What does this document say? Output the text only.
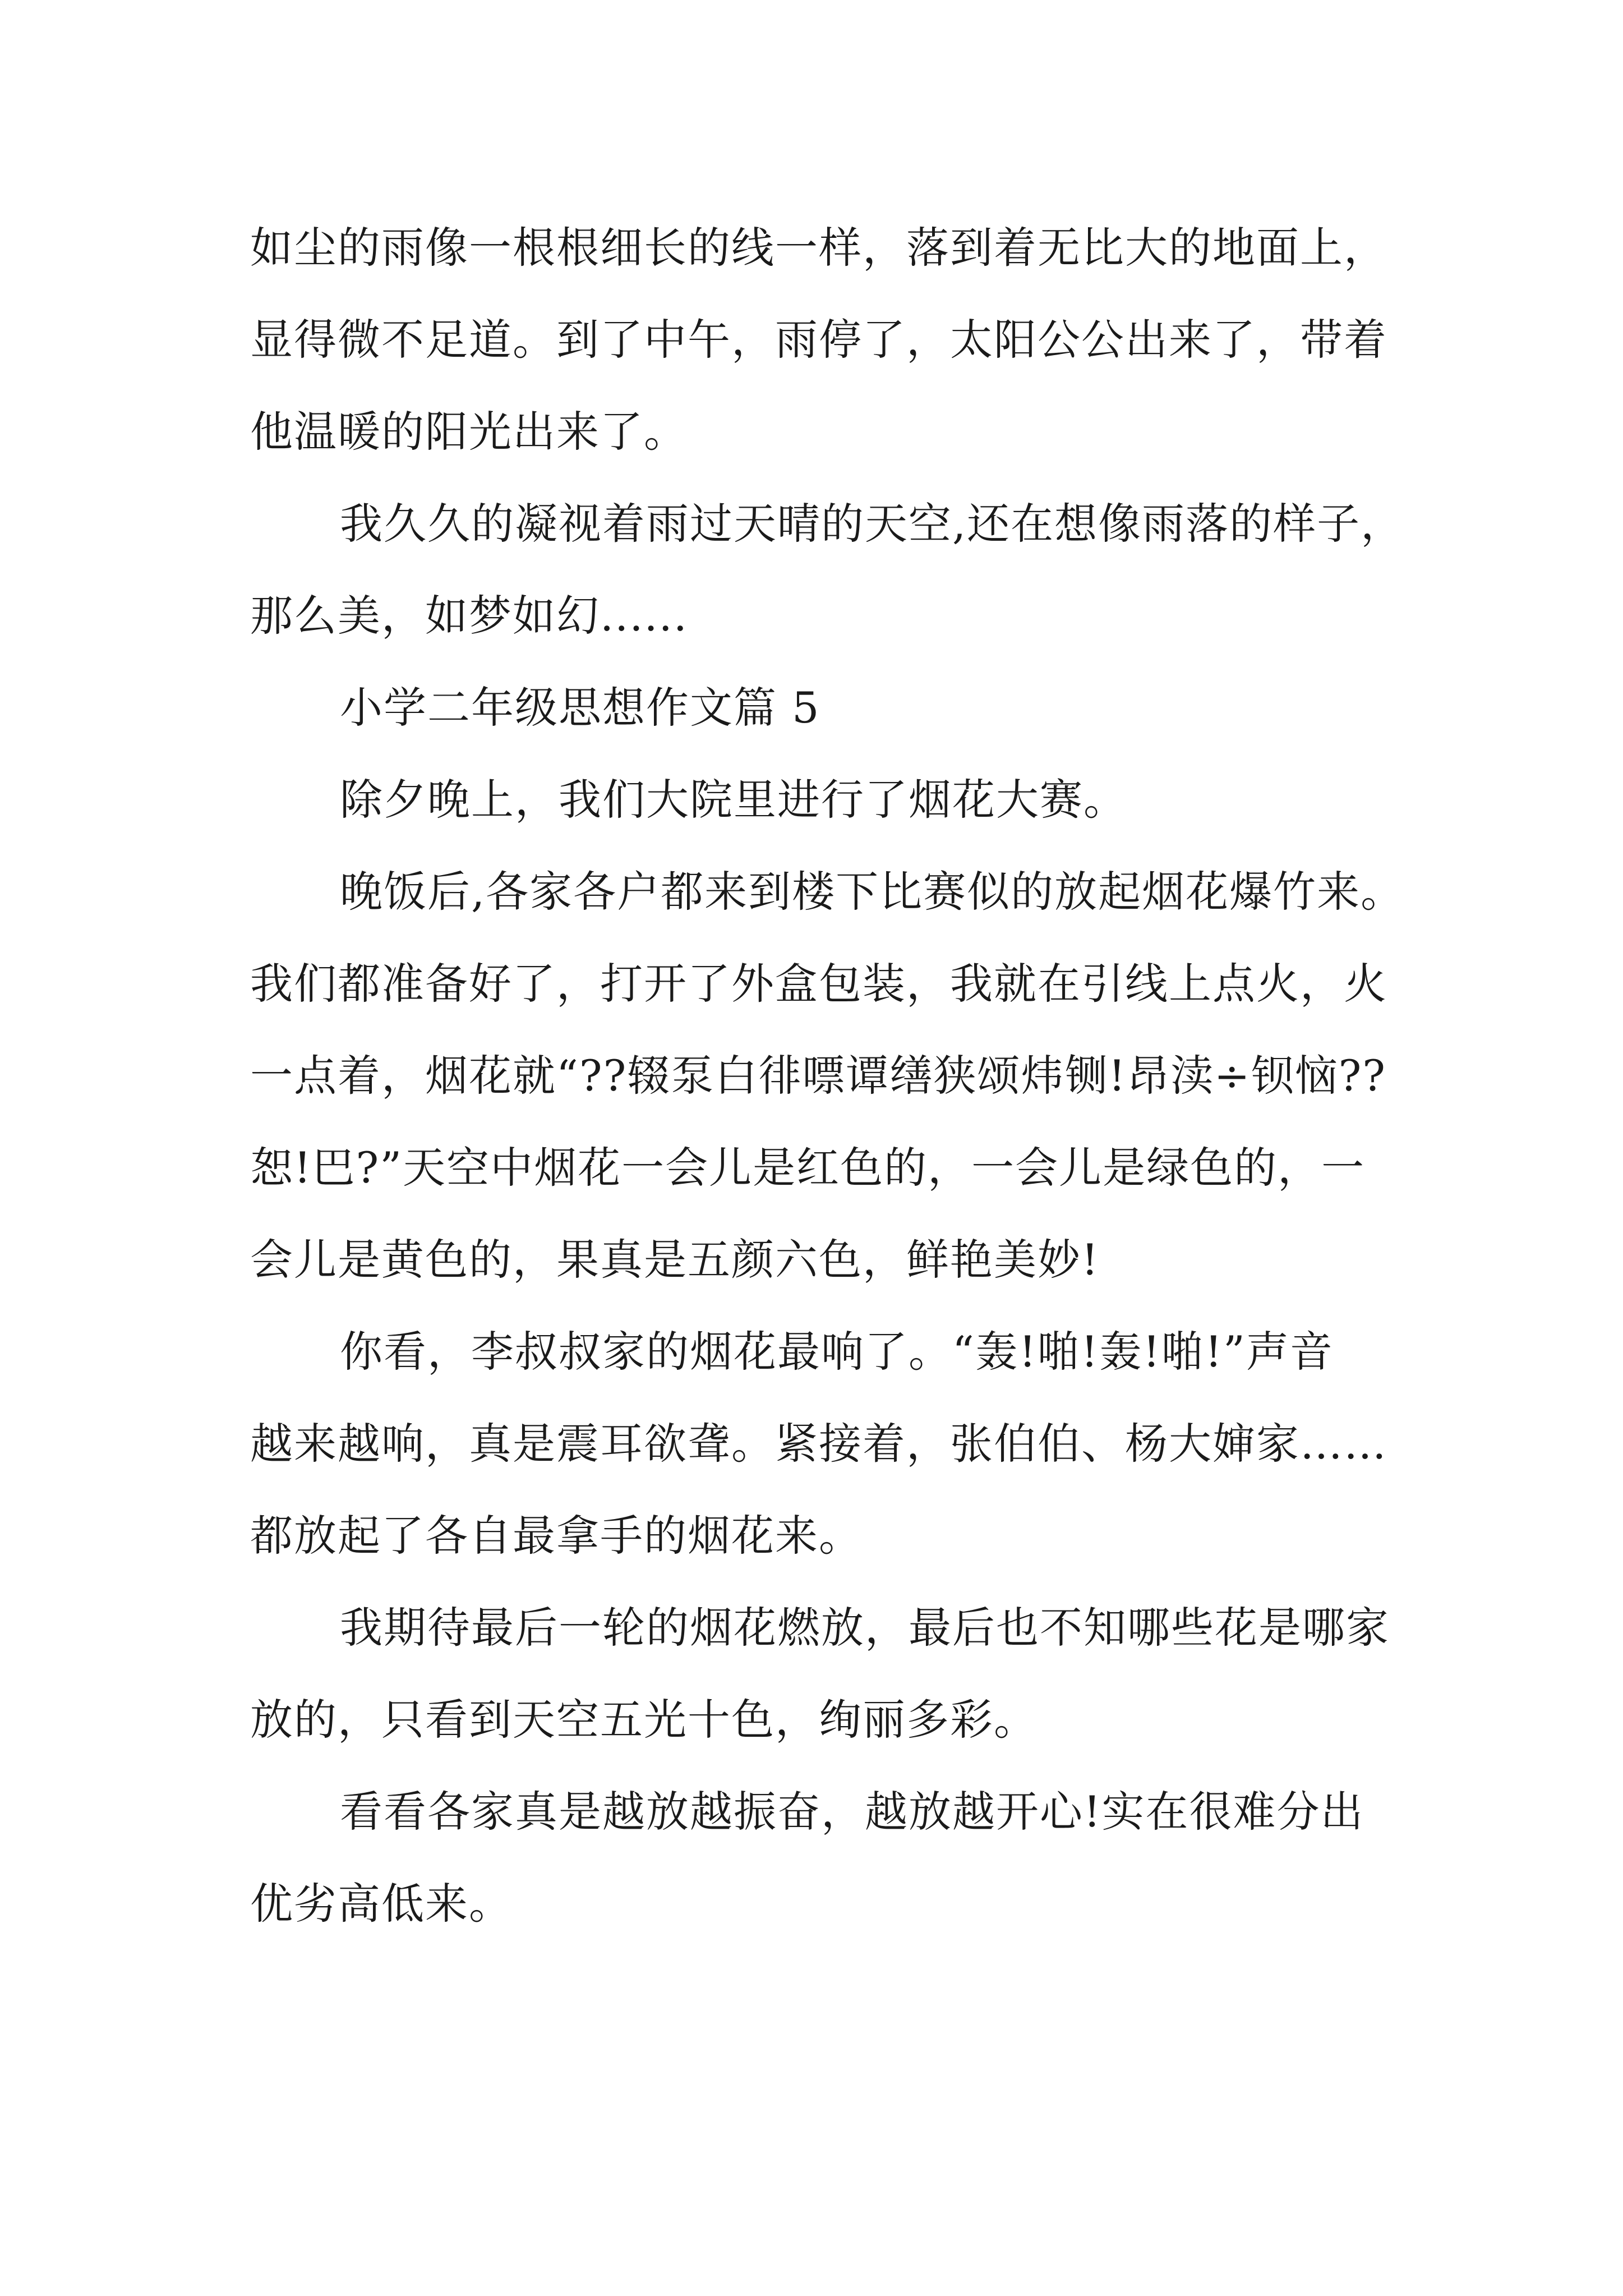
如尘的雨像一根根细长的线一样，落到着无比大的地面上，
显得微不足道。到了中午，雨停了，太阳公公出来了，带着
他温暖的阳光出来了。
我久久的凝视着雨过天晴的天空,还在想像雨落的样子，
那么美，如梦如幻......
小学二年级思想作文篇 5
除夕晚上，我们大院里进行了烟花大赛。
晚饭后,各家各户都来到楼下比赛似的放起烟花爆竹来。
我们都准备好了，打开了外盒包装，我就在引线上点火，火
一点着，烟花就“??辍泵白徘嘌谭缮狭颂炜铡!昂渎÷钡恼??
恕!巴?”天空中烟花一会儿是红色的，一会儿是绿色的，一
会儿是黄色的，果真是五颜六色，鲜艳美妙!
你看，李叔叔家的烟花最响了。“轰!啪!轰!啪!”声音
越来越响，真是震耳欲聋。紧接着，张伯伯、杨大婶家……
都放起了各自最拿手的烟花来。
我期待最后一轮的烟花燃放，最后也不知哪些花是哪家
放的，只看到天空五光十色，绚丽多彩。
看看各家真是越放越振奋，越放越开心!实在很难分出
优劣高低来。
